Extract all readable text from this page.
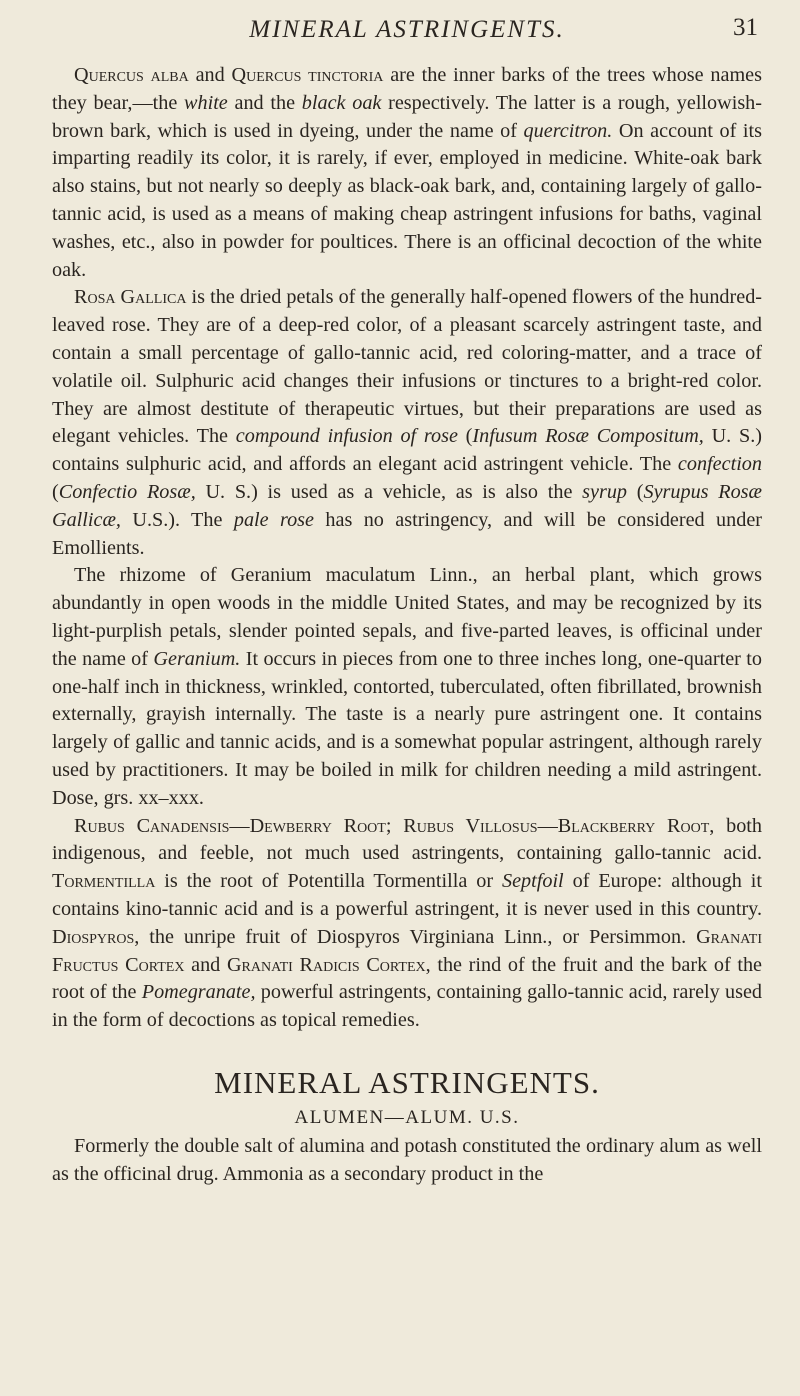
MINERAL ASTRINGENTS.	31

Quercus alba and Quercus tinctoria are the inner barks of the trees whose names they bear,—the white and the black oak respectively. The latter is a rough, yellowish-brown bark, which is used in dyeing, under the name of quercitron. On account of its imparting readily its color, it is rarely, if ever, employed in medicine. White-oak bark also stains, but not nearly so deeply as black-oak bark, and, containing largely of gallo-tannic acid, is used as a means of making cheap astringent infusions for baths, vaginal washes, etc., also in powder for poultices. There is an officinal decoction of the white oak.

Rosa Gallica is the dried petals of the generally half-opened flowers of the hundred-leaved rose. They are of a deep-red color, of a pleasant scarcely astringent taste, and contain a small percentage of gallo-tannic acid, red coloring-matter, and a trace of volatile oil. Sulphuric acid changes their infusions or tinctures to a bright-red color. They are almost destitute of therapeutic virtues, but their preparations are used as elegant vehicles. The compound infusion of rose (Infusum Rosæ Compositum, U. S.) contains sulphuric acid, and affords an elegant acid astringent vehicle. The confection (Confectio Rosæ, U. S.) is used as a vehicle, as is also the syrup (Syrupus Rosæ Gallicæ, U.S.). The pale rose has no astringency, and will be considered under Emollients.

The rhizome of Geranium maculatum Linn., an herbal plant, which grows abundantly in open woods in the middle United States, and may be recognized by its light-purplish petals, slender pointed sepals, and five-parted leaves, is officinal under the name of Geranium. It occurs in pieces from one to three inches long, one-quarter to one-half inch in thickness, wrinkled, contorted, tuberculated, often fibrillated, brownish externally, grayish internally. The taste is a nearly pure astringent one. It contains largely of gallic and tannic acids, and is a somewhat popular astringent, although rarely used by practitioners. It may be boiled in milk for children needing a mild astringent. Dose, grs. xx–xxx.

Rubus Canadensis—Dewberry Root; Rubus Villosus—Blackberry Root, both indigenous, and feeble, not much used astringents, containing gallo-tannic acid. Tormentilla is the root of Potentilla Tormentilla or Septfoil of Europe: although it contains kino-tannic acid and is a powerful astringent, it is never used in this country. Diospyros, the unripe fruit of Diospyros Virginiana Linn., or Persimmon. Granati Fructus Cortex and Granati Radicis Cortex, the rind of the fruit and the bark of the root of the Pomegranate, powerful astringents, containing gallo-tannic acid, rarely used in the form of decoctions as topical remedies.

MINERAL ASTRINGENTS.
ALUMEN—ALUM. U.S.

Formerly the double salt of alumina and potash constituted the ordinary alum as well as the officinal drug. Ammonia as a secondary product in the
